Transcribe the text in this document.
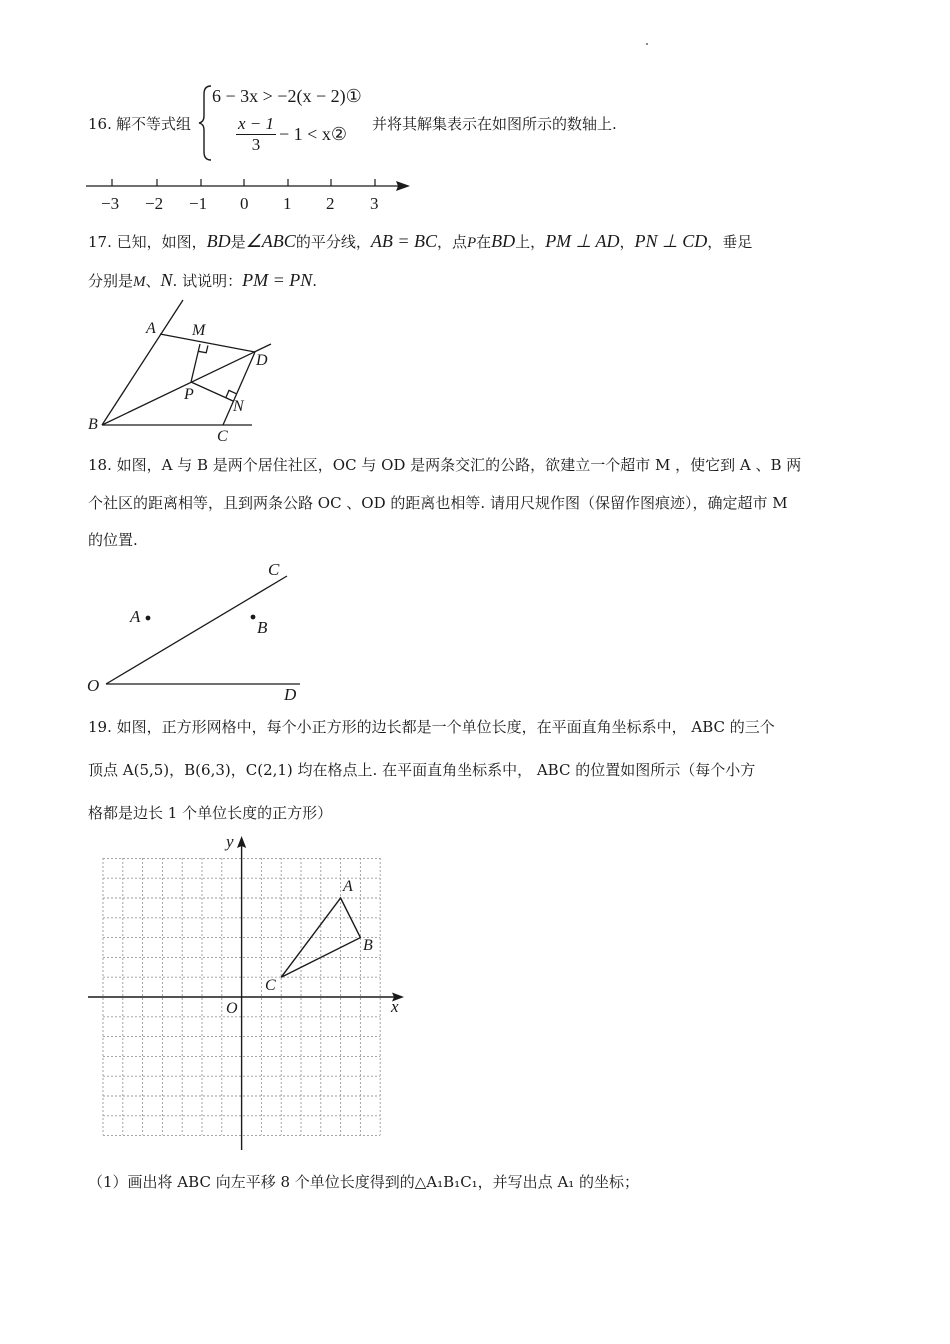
16. 解不等式组
6 − 3x > −2(x − 2)①
$\frac{x - 1}{3} - 1 < x$ ② 并将其解集表示在如图所示的数轴上.
−3 −2 −1 0 1 2 3
17. 已知，如图，BD是∠ABC的平分线，AB = BC，点P在BD上，PM ⊥ AD，PN ⊥ CD，垂足
分别是M、N. 试说明：PM = PN.
A M
D
P
N
B
C
18. 如图，A 与 B 是两个居住社区，OC 与 OD 是两条交汇的公路，欲建立一个超市 M ，使它到 A 、B 两
个社区的距离相等，且到两条公路 OC 、OD 的距离也相等. 请用尺规作图（保留作图痕迹），确定超市 M
的位置.
C
A
B
O	D
19. 如图，正方形网格中，每个小正方形的边长都是一个单位长度，在平面直角坐标系中， ABC 的三个
顶点 A(5,5)，B(6,3)，C(2,1) 均在格点上. 在平面直角坐标系中， ABC 的位置如图所示（每个小方
格都是边长 1 个单位长度的正方形）
y
x
O
A
B
C
（1）画出将 ABC 向左平移 8 个单位长度得到的△A₁B₁C₁，并写出点 A₁ 的坐标；
